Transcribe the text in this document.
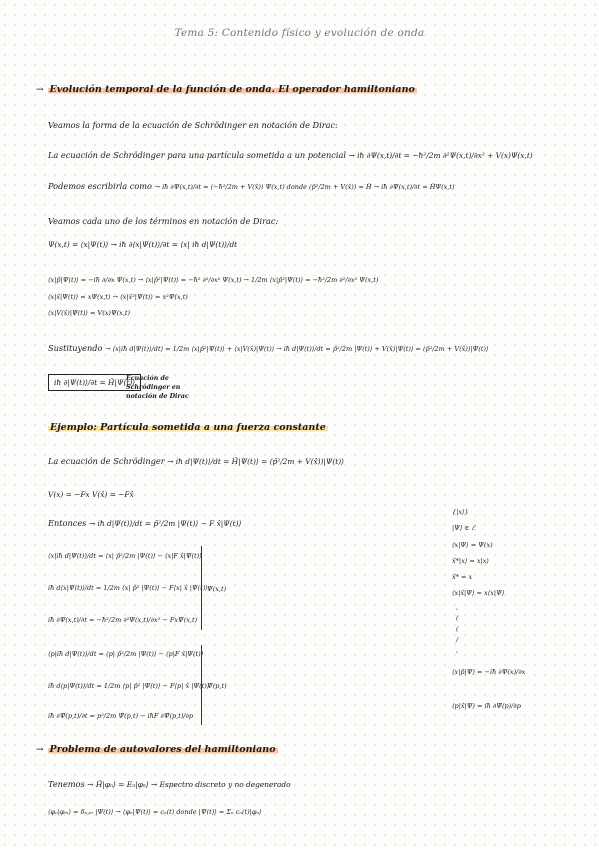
Tema 5: Contenido físico y evolución de onda
→ Evolución temporal de la función de onda. El operador hamiltoniano
Veamos la forma de la ecuación de Schrödinger en notación de Dirac:
La ecuación de Schrödinger para una partícula sometida a un potencial → iħ ∂Ψ(x,t)/∂t = −ħ²/2m ∂²Ψ(x,t)/∂x² + V(x)Ψ(x,t)
Podemos escribirla como → iħ ∂Ψ(x,t)/∂t = (−ħ²/2m + V(x̂)) Ψ(x,t) donde (p̂²/2m + V(x̂)) = Ĥ → iħ ∂Ψ(x,t)/∂t = ĤΨ(x,t)
Veamos cada uno de los términos en notación de Dirac:
Ψ(x,t) = ⟨x|Ψ(t)⟩ → iħ ∂⟨x|Ψ(t)⟩/∂t = ⟨x| iħ d|Ψ(t)⟩/dt
⟨x|p̂|Ψ(t)⟩ = −iħ ∂/∂x Ψ(x,t) → ⟨x|p̂²|Ψ(t)⟩ = −ħ² ∂²/∂x² Ψ(x,t) → 1/2m ⟨x|p̂²|Ψ(t)⟩ = −ħ²/2m ∂²/∂x² Ψ(x,t)
⟨x|x̂|Ψ(t)⟩ = xΨ(x,t) → ⟨x|x̂²|Ψ(t)⟩ = x²Ψ(x,t)
⟨x|V(x̂)|Ψ(t)⟩ = V(x)Ψ(x,t)
Sustituyendo → ⟨x|iħ d|Ψ(t)⟩/dt⟩ = 1/2m ⟨x|p̂²|Ψ(t)⟩ + ⟨x|V(x̂)|Ψ(t)⟩ → iħ d|Ψ(t)⟩/dt = p̂²/2m |Ψ(t)⟩ + V(x̂)|Ψ(t)⟩ = (p̂²/2m + V(x̂))|Ψ(t)⟩
iħ ∂|Ψ(t)⟩/∂t = Ĥ|Ψ(t)⟩
Ecuación de Schrödinger en notación de Dirac
Ejemplo: Partícula sometida a una fuerza constante
La ecuación de Schrödinger → iħ d|Ψ(t)⟩/dt = Ĥ|Ψ(t)⟩ = (p̂²/2m + V(x̂))|Ψ(t)⟩
V(x) = −Fx V(x̂) = −Fx̂
Entonces → iħ d|Ψ(t)⟩/dt = p̂²/2m |Ψ(t)⟩ − F x̂|Ψ(t)⟩
⟨x|iħ d|Ψ(t)⟩/dt = ⟨x| p̂²/2m |Ψ(t)⟩ − ⟨x|F x̂|Ψ(t)⟩
iħ d⟨x|Ψ(t)⟩/dt = 1/2m ⟨x| p̂² |Ψ(t)⟩ − F⟨x| x̂ |Ψ(t)⟩
iħ ∂Ψ(x,t)/∂t = −ħ²/2m ∂²Ψ(x,t)/∂x² − FxΨ(x,t)
Ψ(x,t)
⟨p|iħ d|Ψ(t)⟩/dt = ⟨p| p̂²/2m |Ψ(t)⟩ − ⟨p|F x̂|Ψ(t)⟩
iħ d⟨p|Ψ(t)⟩/dt = 1/2m ⟨p| p̂² |Ψ(t)⟩ − F⟨p| x̂ |Ψ(t)⟩
iħ ∂Ψ̄(p,t)/∂t = p²/2m Ψ̄(p,t) − iħF ∂Ψ̄(p,t)/∂p
Ψ̄(p,t)
{|x⟩}
|Ψ⟩ ∈ ℰ
⟨x|Ψ⟩ = Ψ(x)
x̂*|x⟩ = x|x⟩
x̂* = x
⟨x|x̂|Ψ⟩ = x⟨x|Ψ⟩
,
(
(
/
,
⟨x|p̂|Ψ⟩ = −iħ ∂Ψ(x)/∂x
⟨p|x̂|Ψ⟩ = iħ ∂Ψ̄(p)/∂p
→ Problema de autovalores del hamiltoniano
Tenemos → Ĥ|φₙ⟩ = Eₙ|φₙ⟩ → Espectro discreto y no degenerado
⟨φₙ|φₘ⟩ = δₙ,ₘ |Ψ(t)⟩ → ⟨φₙ|Ψ(t)⟩ = cₙ(t) donde |Ψ(t)⟩ = Σₙ cₙ(t)|φₙ⟩
